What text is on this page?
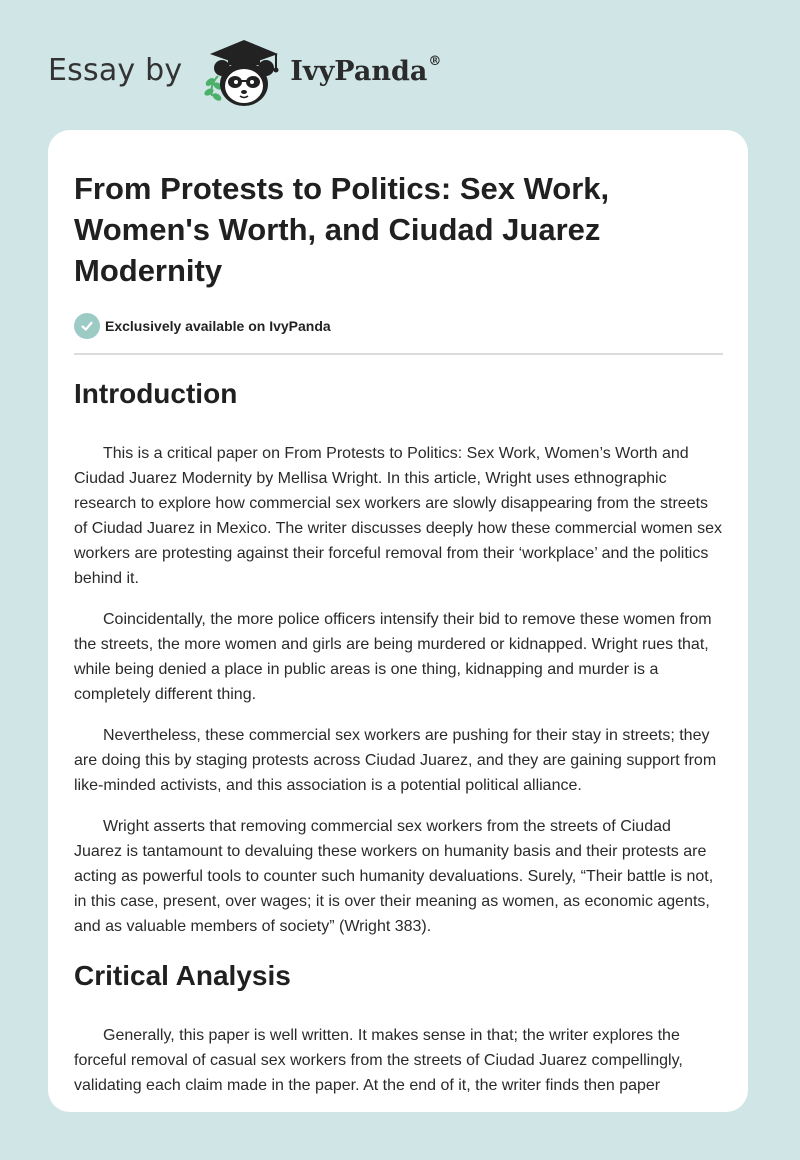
Essay by	IvyPanda®
From Protests to Politics: Sex Work, Women's Worth, and Ciudad Juarez Modernity
Exclusively available on IvyPanda
Introduction

This is a critical paper on From Protests to Politics: Sex Work, Women’s Worth and Ciudad Juarez Modernity by Mellisa Wright. In this article, Wright uses ethnographic research to explore how commercial sex workers are slowly disappearing from the streets of Ciudad Juarez in Mexico. The writer discusses deeply how these commercial women sex workers are protesting against their forceful removal from their ‘workplace’ and the politics behind it.

Coincidentally, the more police officers intensify their bid to remove these women from the streets, the more women and girls are being murdered or kidnapped. Wright rues that, while being denied a place in public areas is one thing, kidnapping and murder is a completely different thing.

Nevertheless, these commercial sex workers are pushing for their stay in streets; they are doing this by staging protests across Ciudad Juarez, and they are gaining support from like-minded activists, and this association is a potential political alliance.

Wright asserts that removing commercial sex workers from the streets of Ciudad Juarez is tantamount to devaluing these workers on humanity basis and their protests are acting as powerful tools to counter such humanity devaluations. Surely, “Their battle is not, in this case, present, over wages; it is over their meaning as women, as economic agents, and as valuable members of society” (Wright 383).

Critical Analysis

Generally, this paper is well written. It makes sense in that; the writer explores the forceful removal of casual sex workers from the streets of Ciudad Juarez compellingly, validating each claim made in the paper. At the end of it, the writer finds then paper
